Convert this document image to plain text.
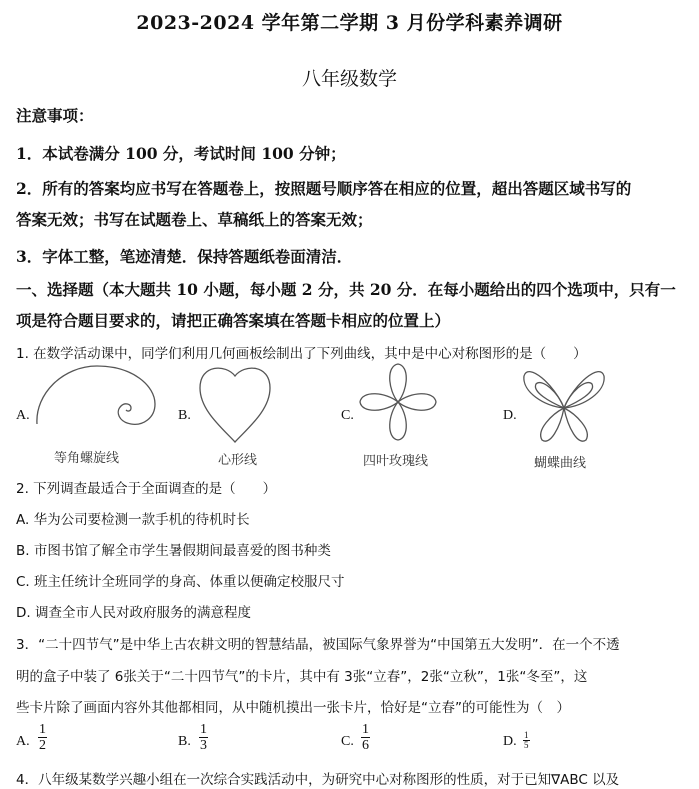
2023-2024 学年第二学期 3 月份学科素养调研
八年级数学
注意事项：
1．本试卷满分 100 分，考试时间 100 分钟；
2．所有的答案均应书写在答题卷上，按照题号顺序答在相应的位置，超出答题区域书写的
答案无效；书写在试题卷上、草稿纸上的答案无效；
3．字体工整，笔迹清楚．保持答题纸卷面清洁．
一、选择题（本大题共 10 小题，每小题 2 分，共 20 分．在每小题给出的四个选项中，只有一
项是符合题目要求的，请把正确答案填在答题卡相应的位置上）
1. 在数学活动课中，同学们利用几何画板绘制出了下列曲线，其中是中心对称图形的是（　　）
A.
等角螺旋线
B.
心形线
C.
四叶玫瑰线
D.
蝴蝶曲线
2. 下列调查最适合于全面调查的是（　　）
A. 华为公司要检测一款手机的待机时长
B. 市图书馆了解全市学生暑假期间最喜爱的图书种类
C. 班主任统计全班同学的身高、体重以便确定校服尺寸
D. 调查全市人民对政府服务的满意程度
3．“二十四节气”是中华上古农耕文明的智慧结晶，被国际气象界誉为“中国第五大发明”．在一个不透
明的盒子中装了 6张关于“二十四节气”的卡片，其中有 3张“立春”，2张“立秋”，1张“冬至”，这
些卡片除了画面内容外其他都相同，从中随机摸出一张卡片，恰好是“立春”的可能性为（　）
A. $\frac{1}{2}$	B. $\frac{1}{3}$	C. $\frac{1}{6}$	D. $\frac{1}{5}$
4．八年级某数学兴趣小组在一次综合实践活动中，为研究中心对称图形的性质，对于已知∇ABC 以及
